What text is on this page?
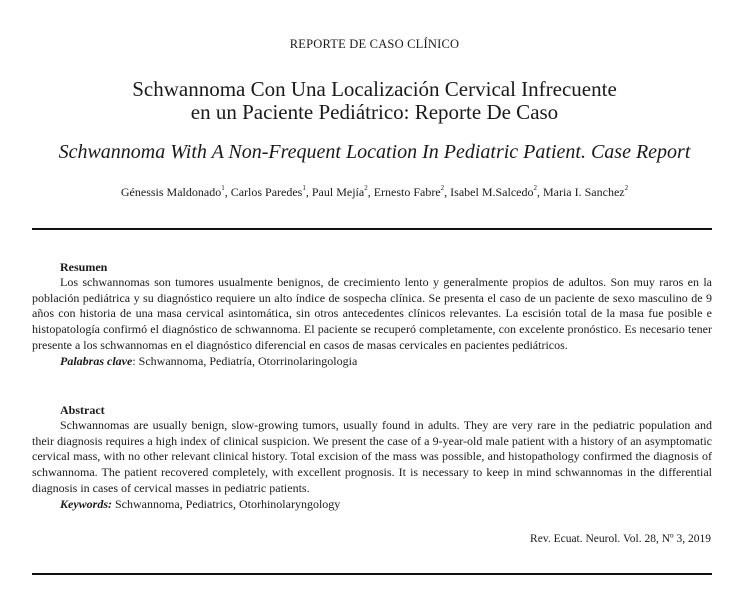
REPORTE DE CASO CLÍNICO
Schwannoma Con Una Localización Cervical Infrecuente
en un Paciente Pediátrico: Reporte De Caso
Schwannoma With A Non-Frequent Location In Pediatric Patient. Case Report
Génessis Maldonado$^1$, Carlos Paredes$^1$, Paul Mejía$^2$, Ernesto Fabre$^2$, Isabel M.Salcedo$^2$, Maria I. Sanchez$^2$
Resumen

Los schwannomas son tumores usualmente benignos, de crecimiento lento y generalmente propios de adultos. Son muy raros en la población pediátrica y su diagnóstico requiere un alto índice de sospecha clínica. Se presenta el caso de un paciente de sexo masculino de 9 años con historia de una masa cervical asintomática, sin otros antecedentes clínicos relevantes. La escisión total de la masa fue posible e histopatología confirmó el diagnóstico de schwannoma. El paciente se recuperó completamente, con excelente pronóstico. Es necesario tener presente a los schwannomas en el diagnóstico diferencial en casos de masas cervicales en pacientes pediátricos.

Palabras clave: Schwannoma, Pediatría, Otorrinolaringologia
Abstract

Schwannomas are usually benign, slow-growing tumors, usually found in adults. They are very rare in the pediatric population and their diagnosis requires a high index of clinical suspicion. We present the case of a 9-year-old male patient with a history of an asymptomatic cervical mass, with no other relevant clinical history. Total excision of the mass was possible, and histopathology confirmed the diagnosis of schwannoma. The patient recovered completely, with excellent prognosis. It is necessary to keep in mind schwannomas in the differential diagnosis in cases of cervical masses in pediatric patients.

Keywords: Schwannoma, Pediatrics, Otorhinolaryngology
Rev. Ecuat. Neurol. Vol. 28, Nº 3, 2019
